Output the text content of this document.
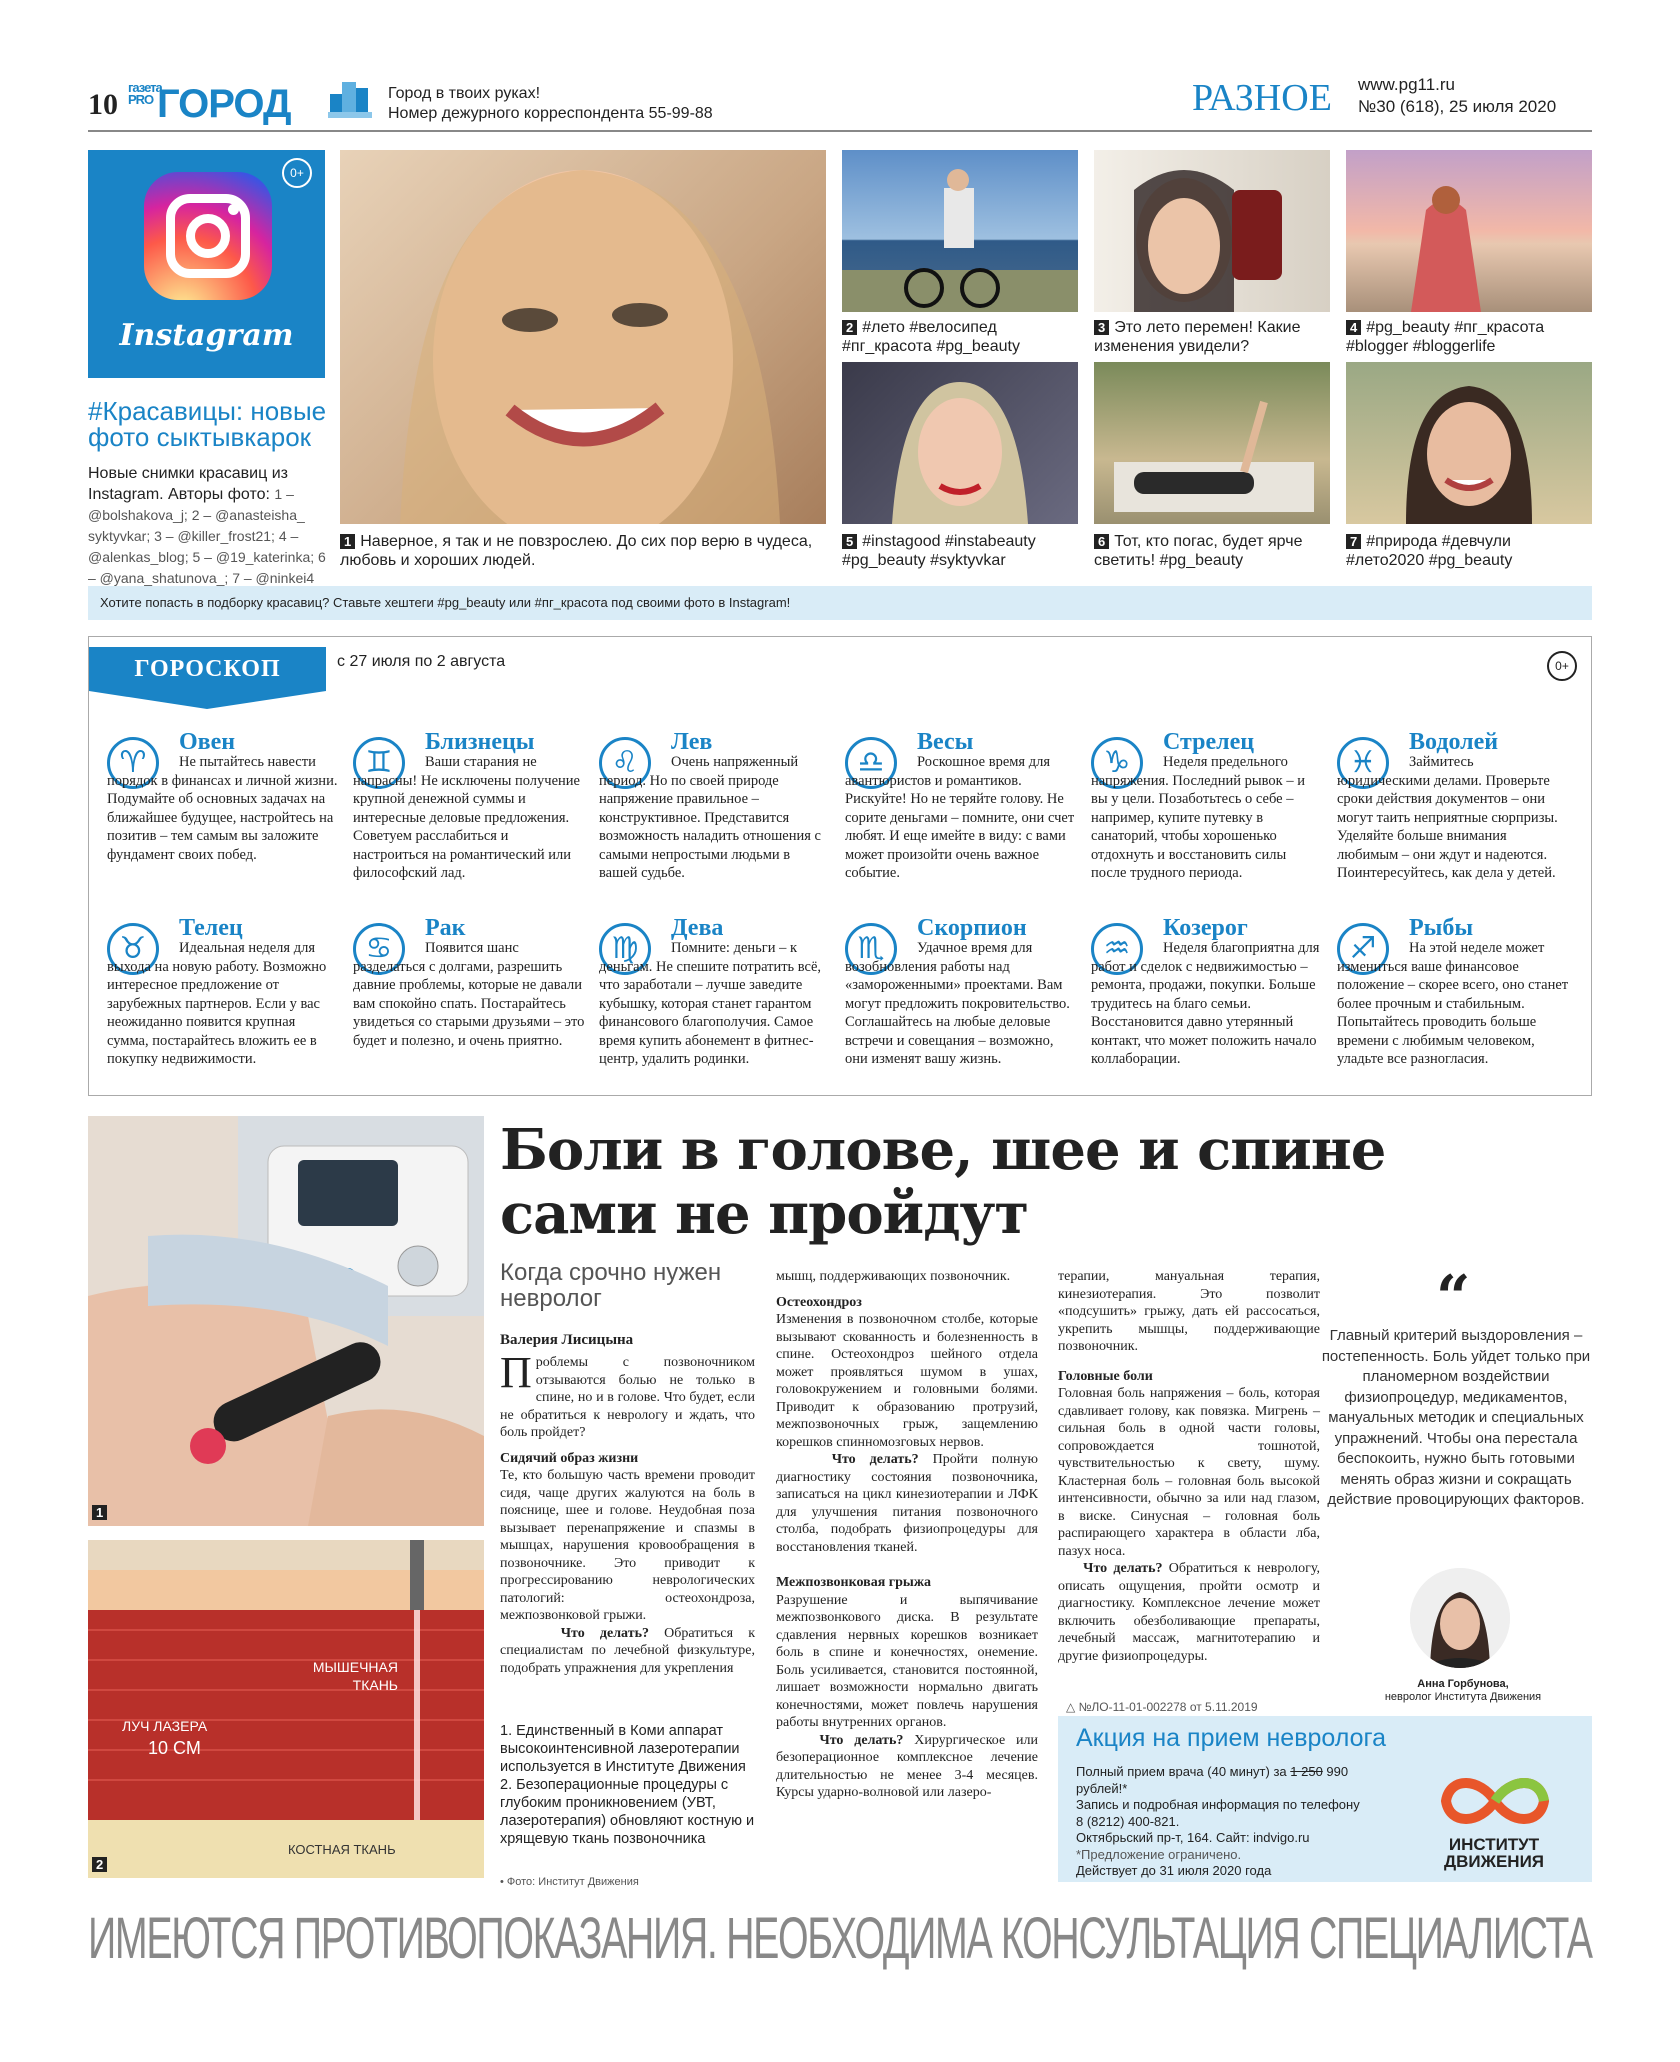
10
газета PROГОРОД	Город в твоих руках!
Номер дежурного корреспондента 55-99-88	РАЗНОЕ www.pg11.ru
№30 (618), 25 июля 2020
0+
Instagram
#Красавицы: новые фото сыктывкарок
Новые снимки красавиц из Instagram. Авторы фото: 1 – @bolshakova_j; 2 – @anasteisha_ syktyvkar; 3 – @killer_frost21; 4 – @alenkas_blog; 5 – @19_katerinka; 6 – @yana_shatunova_; 7 – @ninkei4
1 Наверное, я так и не повзрослею. До сих пор верю в чудеса, любовь и хороших людей.
2 #лето #велосипед #пг_красота #pg_beauty
3 Это лето перемен! Какие изменения увидели?
4 #pg_beauty #пг_красота #blogger #bloggerlife
5 #instagood #instabeauty #pg_beauty #syktyvkar
6 Тот, кто погас, будет ярче светить! #pg_beauty
7 #природа #девчули #лето2020 #pg_beauty
Хотите попасть в подборку красавиц? Ставьте хештеги #pg_beauty или #пг_красота под своими фото в Instagram!
ГОРОСКОП	с 27 июля по 2 августа	0+
♈
Овен
Не пытайтесь навести порядок в финансах и личной жизни. Подумайте об основных задачах на ближайшее будущее, настройтесь на позитив – тем самым вы заложите фундамент своих побед.
♊
Близнецы
Ваши старания не напрасны! Не исключены получение крупной денежной суммы и интересные деловые предложения. Советуем расслабиться и настроиться на романтический или философский лад.
♌
Лев
Очень напряженный период. Но по своей природе напряжение правильное – конструктивное. Представится возможность наладить отношения с самыми непростыми людьми в вашей судьбе.
♎
Весы
Роскошное время для авантюристов и романтиков. Рискуйте! Но не теряйте голову. Не сорите деньгами – помните, они счет любят. И еще имейте в виду: с вами может произойти очень важное событие.
♑
Стрелец
Неделя предельного напряжения. Последний рывок – и вы у цели. Позаботьтесь о себе – например, купите путевку в санаторий, чтобы хорошенько отдохнуть и восстановить силы после трудного периода.
♓
Водолей
Займитесь юридическими делами. Проверьте сроки действия документов – они могут таить неприятные сюрпризы. Уделяйте больше внимания любимым – они ждут и надеются. Поинтересуйтесь, как дела у детей.
♉
Телец
Идеальная неделя для выхода на новую работу. Возможно интересное предложение от зарубежных партнеров. Если у вас неожиданно появится крупная сумма, постарайтесь вложить ее в покупку недвижимости.
♋
Рак
Появится шанс разделаться с долгами, разрешить давние проблемы, которые не давали вам спокойно спать. Постарайтесь увидеться со старыми друзьями – это будет и полезно, и очень приятно.
♍
Дева
Помните: деньги – к деньгам. Не спешите потратить всё, что заработали – лучше заведите кубышку, которая станет гарантом финансового благополучия. Самое время купить абонемент в фитнес-центр, удалить родинки.
♏
Скорпион
Удачное время для возобновления работы над «замороженными» проектами. Вам могут предложить покровительство. Соглашайтесь на любые деловые встречи и совещания – возможно, они изменят вашу жизнь.
♒
Козерог
Неделя благоприятна для работ и сделок с недвижимостью – ремонта, продажи, покупки. Больше трудитесь на благо семьи. Восстановится давно утерянный контакт, что может положить начало коллаборации.
♐
Рыбы
На этой неделе может измениться ваше финансовое положение – скорее всего, оно станет более прочным и стабильным. Попытайтесь проводить больше времени с любимым человеком, уладьте все разногласия.
1
МЫШЕЧНАЯ ТКАНЬ
ЛУЧ ЛАЗЕРА
10 СМ
КОСТНАЯ ТКАНЬ
2
Боли в голове, шее и спине сами не пройдут
Когда срочно нужен невролог
Валерия Лисицына

Проблемы с позвоночником отзываются болью не только в спине, но и в голове. Что будет, если не обратиться к неврологу и ждать, что боль пройдет?

Сидячий образ жизни

Те, кто большую часть времени проводит сидя, чаще других жалуются на боль в пояснице, шее и голове. Неудобная поза вызывает перенапряжение и спазмы в мышцах, нарушения кровообращения в позвоночнике. Это приводит к прогрессированию неврологических патологий: остеохондроза, межпозвонковой грыжи.

Что делать? Обратиться к специалистам по лечебной физкультуре, подобрать упражнения для укрепления

1. Единственный в Коми аппарат высокоинтенсивной лазеротерапии используется в Институте Движения 2. Безоперационные процедуры с глубоким проникновением (УВТ, лазеротерапия) обновляют костную и хрящевую ткань позвоночника
• Фото: Институт Движения

мышц, поддерживающих позвоночник.

Остеохондроз

Изменения в позвоночном столбе, которые вызывают скованность и болезненность в спине. Остеохондроз шейного отдела может проявляться шумом в ушах, головокружением и головными болями. Приводит к образованию протрузий, межпозвоночных грыж, защемлению корешков спинномозговых нервов.

Что делать? Пройти полную диагностику состояния позвоночника, записаться на цикл кинезиотерапии и ЛФК для улучшения питания позвоночного столба, подобрать физиопроцедуры для восстановления тканей.

Межпозвонковая грыжа

Разрушение и выпячивание межпозвонкового диска. В результате сдавления нервных корешков возникает боль в спине и конечностях, онемение. Боль усиливается, становится постоянной, лишает возможности нормально двигать конечностями, может повлечь нарушения работы внутренних органов.

Что делать? Хирургическое или безоперационное комплексное лечение длительностью не менее 3-4 месяцев. Курсы ударно-волновой или лазеро-

терапии, мануальная терапия, кинезиотерапия. Это позволит «подсушить» грыжу, дать ей рассосаться, укрепить мышцы, поддерживающие позвоночник.

Головные боли

Головная боль напряжения – боль, которая сдавливает голову, как повязка. Мигрень – сильная боль в одной части головы, сопровождается тошнотой, чувствительностью к свету, шуму. Кластерная боль – головная боль высокой интенсивности, обычно за или над глазом, в виске. Синусная – головная боль распирающего характера в области лба, пазух носа.

Что делать? Обратиться к неврологу, описать ощущения, пройти осмотр и диагностику. Комплексное лечение может включить обезболивающие препараты, лечебный массаж, магнитотерапию и другие физиопроцедуры.

“
Главный критерий выздоровления – постепенность. Боль уйдет только при планомерном воздействии физиопроцедур, медикаментов, мануальных методик и специальных упражнений. Чтобы она перестала беспокоить, нужно быть готовыми менять образ жизни и сокращать действие провоцирующих факторов.
Анна Горбунова,
невролог Института Движения
△ №ЛО-11-01-002278 от 5.11.2019
Акция на прием невролога
Полный прием врача (40 минут) за 1 250 990 рублей!*
Запись и подробная информация по телефону
8 (8212) 400-821.
Октябрьский пр-т, 164. Сайт: indvigo.ru
*Предложение ограничено.
Действует до 31 июля 2020 года
ИНСТИТУТ ДВИЖЕНИЯ
ИМЕЮТСЯ ПРОТИВОПОКАЗАНИЯ. НЕОБХОДИМА КОНСУЛЬТАЦИЯ СПЕЦИАЛИСТА
